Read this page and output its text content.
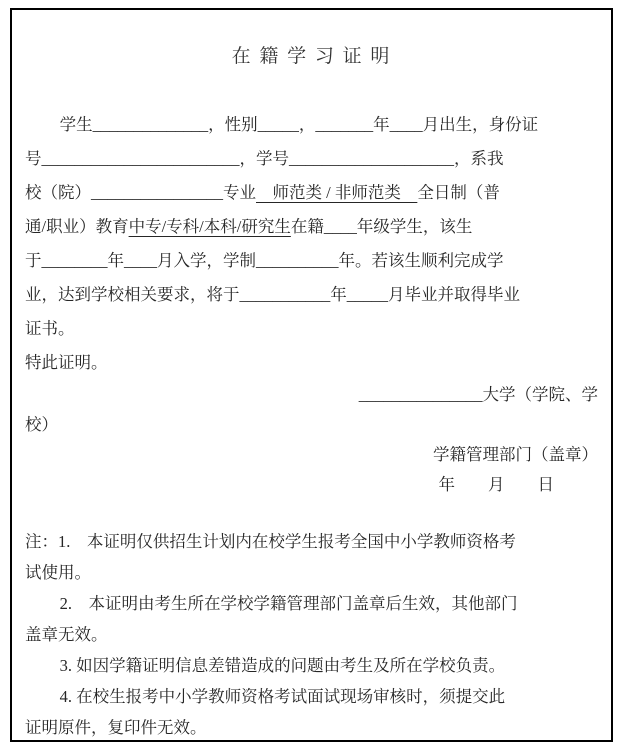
在 籍 学 习 证 明
学生______________，性别_____，_______年____月出生，身份证
号________________________，学号____________________，系我
校（院）________________专业　师范类 / 非师范类　全日制（普
通/职业）教育中专/专科/本科/研究生在籍____年级学生，该生
于________年____月入学，学制__________年。若该生顺利完成学
业，达到学校相关要求，将于___________年_____月毕业并取得毕业
证书。
特此证明。
_______________大学（学院、学
校）
学籍管理部门（盖章）
年　　月　　日
注：1.　本证明仅供招生计划内在校学生报考全国中小学教师资格考
试使用。
2.　本证明由考生所在学校学籍管理部门盖章后生效，其他部门
盖章无效。
3. 如因学籍证明信息差错造成的问题由考生及所在学校负责。
4. 在校生报考中小学教师资格考试面试现场审核时，须提交此
证明原件，复印件无效。
